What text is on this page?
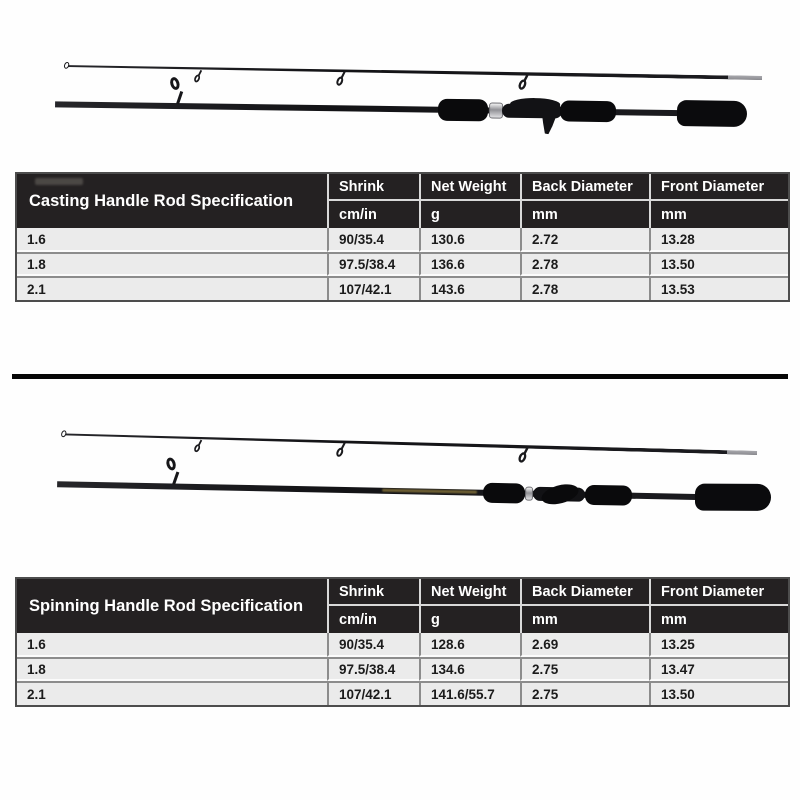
Casting Handle Rod Specification	Shrink	Net Weight	Back Diameter	Front Diameter
	cm/in	g	mm	mm
1.6	90/35.4	130.6	2.72	13.28
1.8	97.5/38.4	136.6	2.78	13.50
2.1	107/42.1	143.6	2.78	13.53
Spinning Handle Rod Specification	Shrink	Net Weight	Back Diameter	Front Diameter
	cm/in	g	mm	mm
1.6	90/35.4	128.6	2.69	13.25
1.8	97.5/38.4	134.6	2.75	13.47
2.1	107/42.1	141.6/55.7	2.75	13.50
